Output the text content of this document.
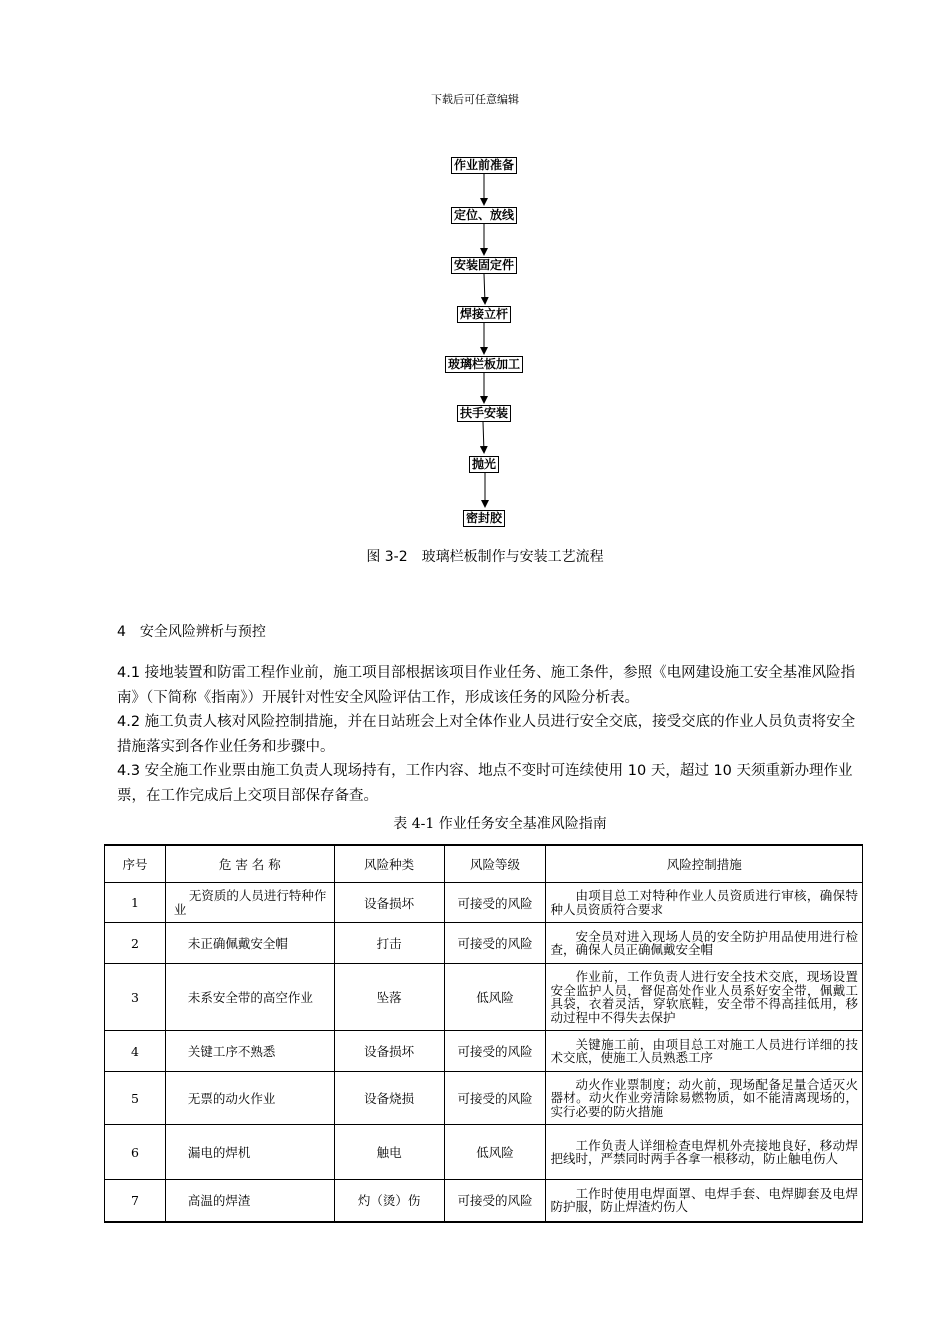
下载后可任意编辑
作业前准备
定位、放线
安装固定件
焊接立杆
玻璃栏板加工
扶手安装
抛光
密封胶
图 3-2　玻璃栏板制作与安装工艺流程
4　安全风险辨析与预控

4.1 接地装置和防雷工程作业前，施工项目部根据该项目作业任务、施工条件，参照《电网建设施工安全基准风险指南》（下简称《指南》）开展针对性安全风险评估工作，形成该任务的风险分析表。

4.2 施工负责人核对风险控制措施，并在日站班会上对全体作业人员进行安全交底，接受交底的作业人员负责将安全措施落实到各作业任务和步骤中。

4.3 安全施工作业票由施工负责人现场持有，工作内容、地点不变时可连续使用 10 天，超过 10 天须重新办理作业票，在工作完成后上交项目部保存备查。

表 4-1 作业任务安全基准风险指南
序号	危 害 名 称	风险种类	风险等级	风险控制措施
1	无资质的人员进行特种作业	设备损坏	可接受的风险	由项目总工对特种作业人员资质进行审核，确保特种人员资质符合要求
2	未正确佩戴安全帽	打击	可接受的风险	安全员对进入现场人员的安全防护用品使用进行检查，确保人员正确佩戴安全帽
3	未系安全带的高空作业	坠落	低风险	作业前，工作负责人进行安全技术交底，现场设置安全监护人员，督促高处作业人员系好安全带，佩戴工具袋，衣着灵活，穿软底鞋，安全带不得高挂低用，移动过程中不得失去保护
4	关键工序不熟悉	设备损坏	可接受的风险	关键施工前，由项目总工对施工人员进行详细的技术交底，使施工人员熟悉工序
5	无票的动火作业	设备烧损	可接受的风险	动火作业票制度；动火前，现场配备足量合适灭火器材。动火作业旁清除易燃物质，如不能清离现场的，实行必要的防火措施
6	漏电的焊机	触电	低风险	工作负责人详细检查电焊机外壳接地良好，移动焊把线时，严禁同时两手各拿一根移动，防止触电伤人
7	高温的焊渣	灼（烫）伤	可接受的风险	工作时使用电焊面罩、电焊手套、电焊脚套及电焊防护服，防止焊渣灼伤人
